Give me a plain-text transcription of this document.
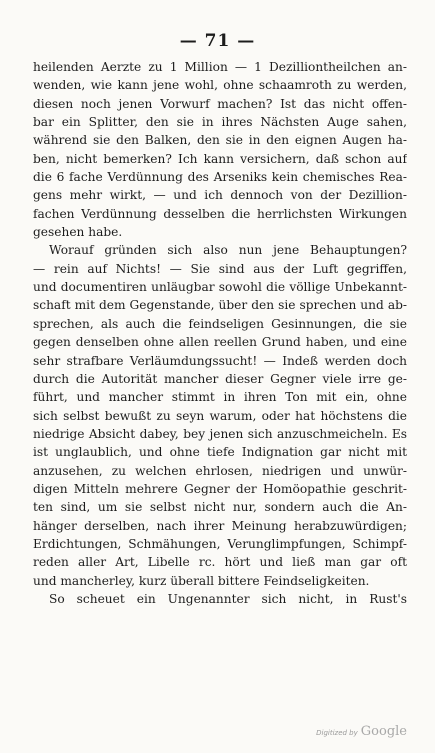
— 71 —
heilenden Aerzte zu 1 Million — 1 Dezilliontheilchen an-
wenden, wie kann jene wohl, ohne schaamroth zu werden,
diesen noch jenen Vorwurf machen? Ist das nicht offen-
bar ein Splitter, den sie in ihres Nächsten Auge sahen,
während sie den Balken, den sie in den eignen Augen ha-
ben, nicht bemerken? Ich kann versichern, daß schon auf
die 6 fache Verdünnung des Arseniks kein chemisches Rea-
gens mehr wirkt, — und ich dennoch von der Dezillion-
fachen Verdünnung desselben die herrlichsten Wirkungen
gesehen habe.
Worauf gründen sich also nun jene Behauptungen?
— rein auf Nichts! — Sie sind aus der Luft gegriffen,
und documentiren unläugbar sowohl die völlige Unbekannt-
schaft mit dem Gegenstande, über den sie sprechen und ab-
sprechen, als auch die feindseligen Gesinnungen, die sie
gegen denselben ohne allen reellen Grund haben, und eine
sehr strafbare Verläumdungssucht! — Indeß werden doch
durch die Autorität mancher dieser Gegner viele irre ge-
führt, und mancher stimmt in ihren Ton mit ein, ohne
sich selbst bewußt zu seyn warum, oder hat höchstens die
niedrige Absicht dabey, bey jenen sich anzuschmeicheln. Es
ist unglaublich, und ohne tiefe Indignation gar nicht mit
anzusehen, zu welchen ehrlosen, niedrigen und unwür-
digen Mitteln mehrere Gegner der Homöopathie geschrit-
ten sind, um sie selbst nicht nur, sondern auch die An-
hänger derselben, nach ihrer Meinung herabzuwürdigen;
Erdichtungen, Schmähungen, Verunglimpfungen, Schimpf-
reden aller Art, Libelle rc. hört und ließ man gar oft
und mancherley, kurz überall bittere Feindseligkeiten.
So scheuet ein Ungenannter sich nicht, in Rust's
Digitized by Google
